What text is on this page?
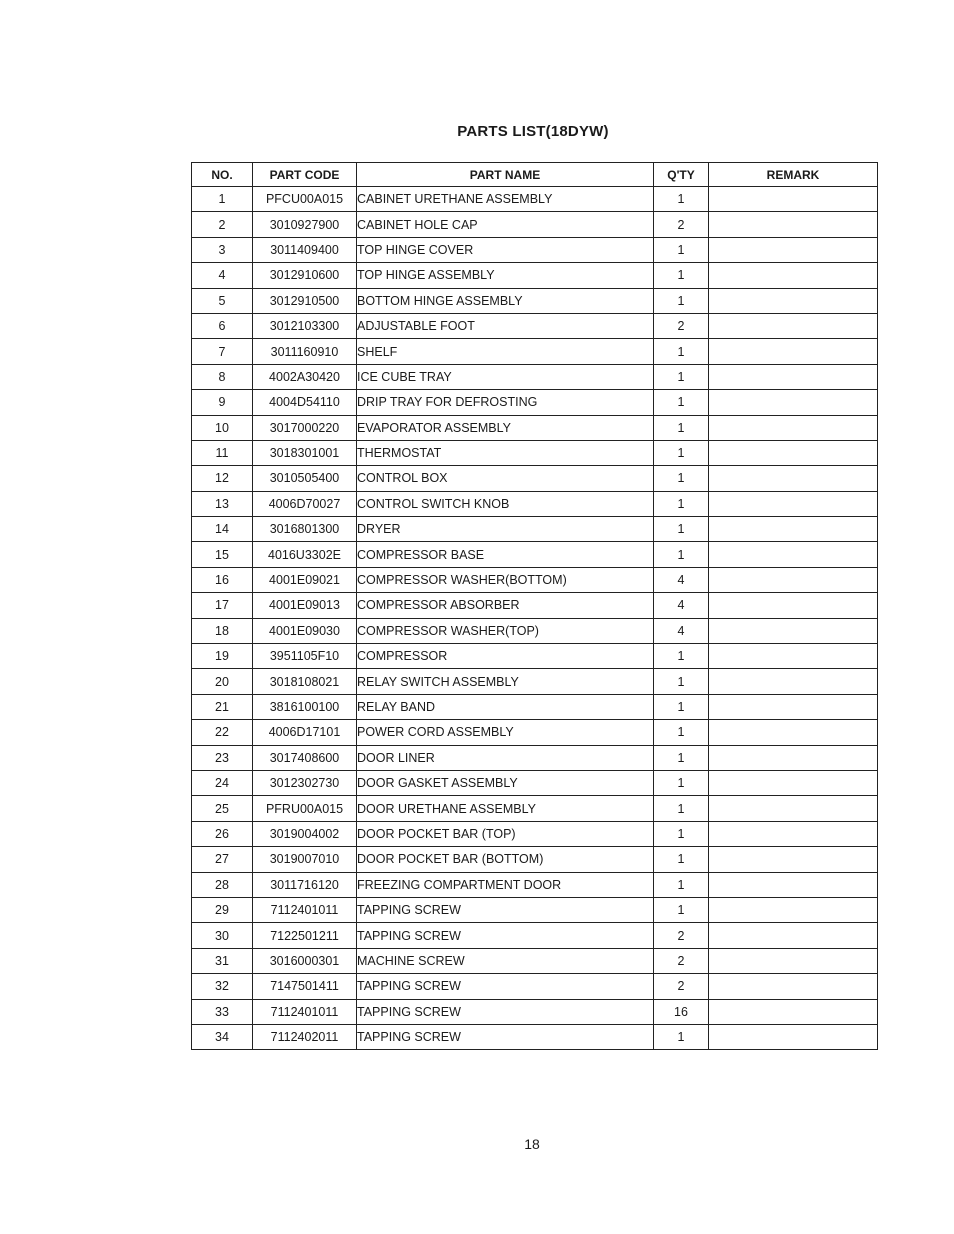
PARTS LIST(18DYW)
NO.	PART CODE	PART NAME	Q'TY	REMARK
1	PFCU00A015	CABINET URETHANE ASSEMBLY	1	
2	3010927900	CABINET HOLE CAP	2	
3	3011409400	TOP HINGE COVER	1	
4	3012910600	TOP HINGE ASSEMBLY	1	
5	3012910500	BOTTOM HINGE ASSEMBLY	1	
6	3012103300	ADJUSTABLE FOOT	2	
7	3011160910	SHELF	1	
8	4002A30420	ICE CUBE TRAY	1	
9	4004D54110	DRIP TRAY FOR DEFROSTING	1	
10	3017000220	EVAPORATOR ASSEMBLY	1	
11	3018301001	THERMOSTAT	1	
12	3010505400	CONTROL BOX	1	
13	4006D70027	CONTROL SWITCH KNOB	1	
14	3016801300	DRYER	1	
15	4016U3302E	COMPRESSOR BASE	1	
16	4001E09021	COMPRESSOR WASHER(BOTTOM)	4	
17	4001E09013	COMPRESSOR ABSORBER	4	
18	4001E09030	COMPRESSOR WASHER(TOP)	4	
19	3951105F10	COMPRESSOR	1	
20	3018108021	RELAY SWITCH ASSEMBLY	1	
21	3816100100	RELAY BAND	1	
22	4006D17101	POWER CORD ASSEMBLY	1	
23	3017408600	DOOR LINER	1	
24	3012302730	DOOR GASKET ASSEMBLY	1	
25	PFRU00A015	DOOR URETHANE ASSEMBLY	1	
26	3019004002	DOOR POCKET BAR (TOP)	1	
27	3019007010	DOOR POCKET BAR (BOTTOM)	1	
28	3011716120	FREEZING COMPARTMENT DOOR	1	
29	7112401011	TAPPING SCREW	1	
30	7122501211	TAPPING SCREW	2	
31	3016000301	MACHINE SCREW	2	
32	7147501411	TAPPING SCREW	2	
33	7112401011	TAPPING SCREW	16	
34	7112402011	TAPPING SCREW	1	
18
